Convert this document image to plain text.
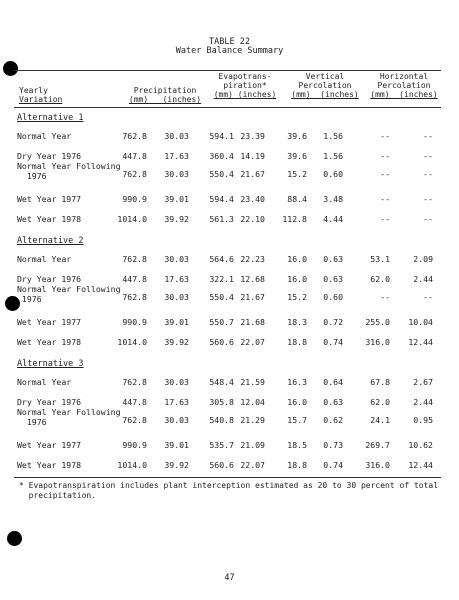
TABLE 22
Water Balance Summary
Yearly
Variation
Precipitation
(mm)   (inches)
Evapotrans-
piration*
(mm) (inches)
Vertical
Percolation
(mm)  (inches)
Horizontal
Percolation
(mm)  (inches)
Alternative 1
Normal Year	762.8	30.03	594.1 23.39	39.6	1.56	--	--
Dry Year 1976	447.8	17.63	360.4 14.19	39.6	1.56	--	--
Normal Year Following
1976	762.8	30.03	550.4 21.67	15.2	0.60	--	--
Wet Year 1977	990.9	39.01	594.4 23.40	88.4	3.48	--	--
Wet Year 1978	1014.0	39.92	561.3 22.10	112.8	4.44	--	--
Alternative 2
Normal Year	762.8	30.03	564.6 22.23	16.0	0.63	53.1	2.09
Dry Year 1976	447.8	17.63	322.1 12.68	16.0	0.63	62.0	2.44
Normal Year Following
1976	762.8	30.03	550.4 21.67	15.2	0.60	--	--
Wet Year 1977	990.9	39.01	550.7 21.68	18.3	0.72	255.0	10.04
Wet Year 1978	1014.0	39.92	560.6 22.07	18.8	0.74	316.0	12.44
Alternative 3
Normal Year	762.8	30.03	548.4 21.59	16.3	0.64	67.8	2.67
Dry Year 1976	447.8	17.63	305.8 12.04	16.0	0.63	62.0	2.44
Normal Year Following
1976	762.8	30.03	540.8 21.29	15.7	0.62	24.1	0.95
Wet Year 1977	990.9	39.01	535.7 21.09	18.5	0.73	269.7	10.62
Wet Year 1978	1014.0	39.92	560.6 22.07	18.8	0.74	316.0	12.44
* Evapotranspiration includes plant interception estimated as 20 to 30 percent of total
precipitation.
47
